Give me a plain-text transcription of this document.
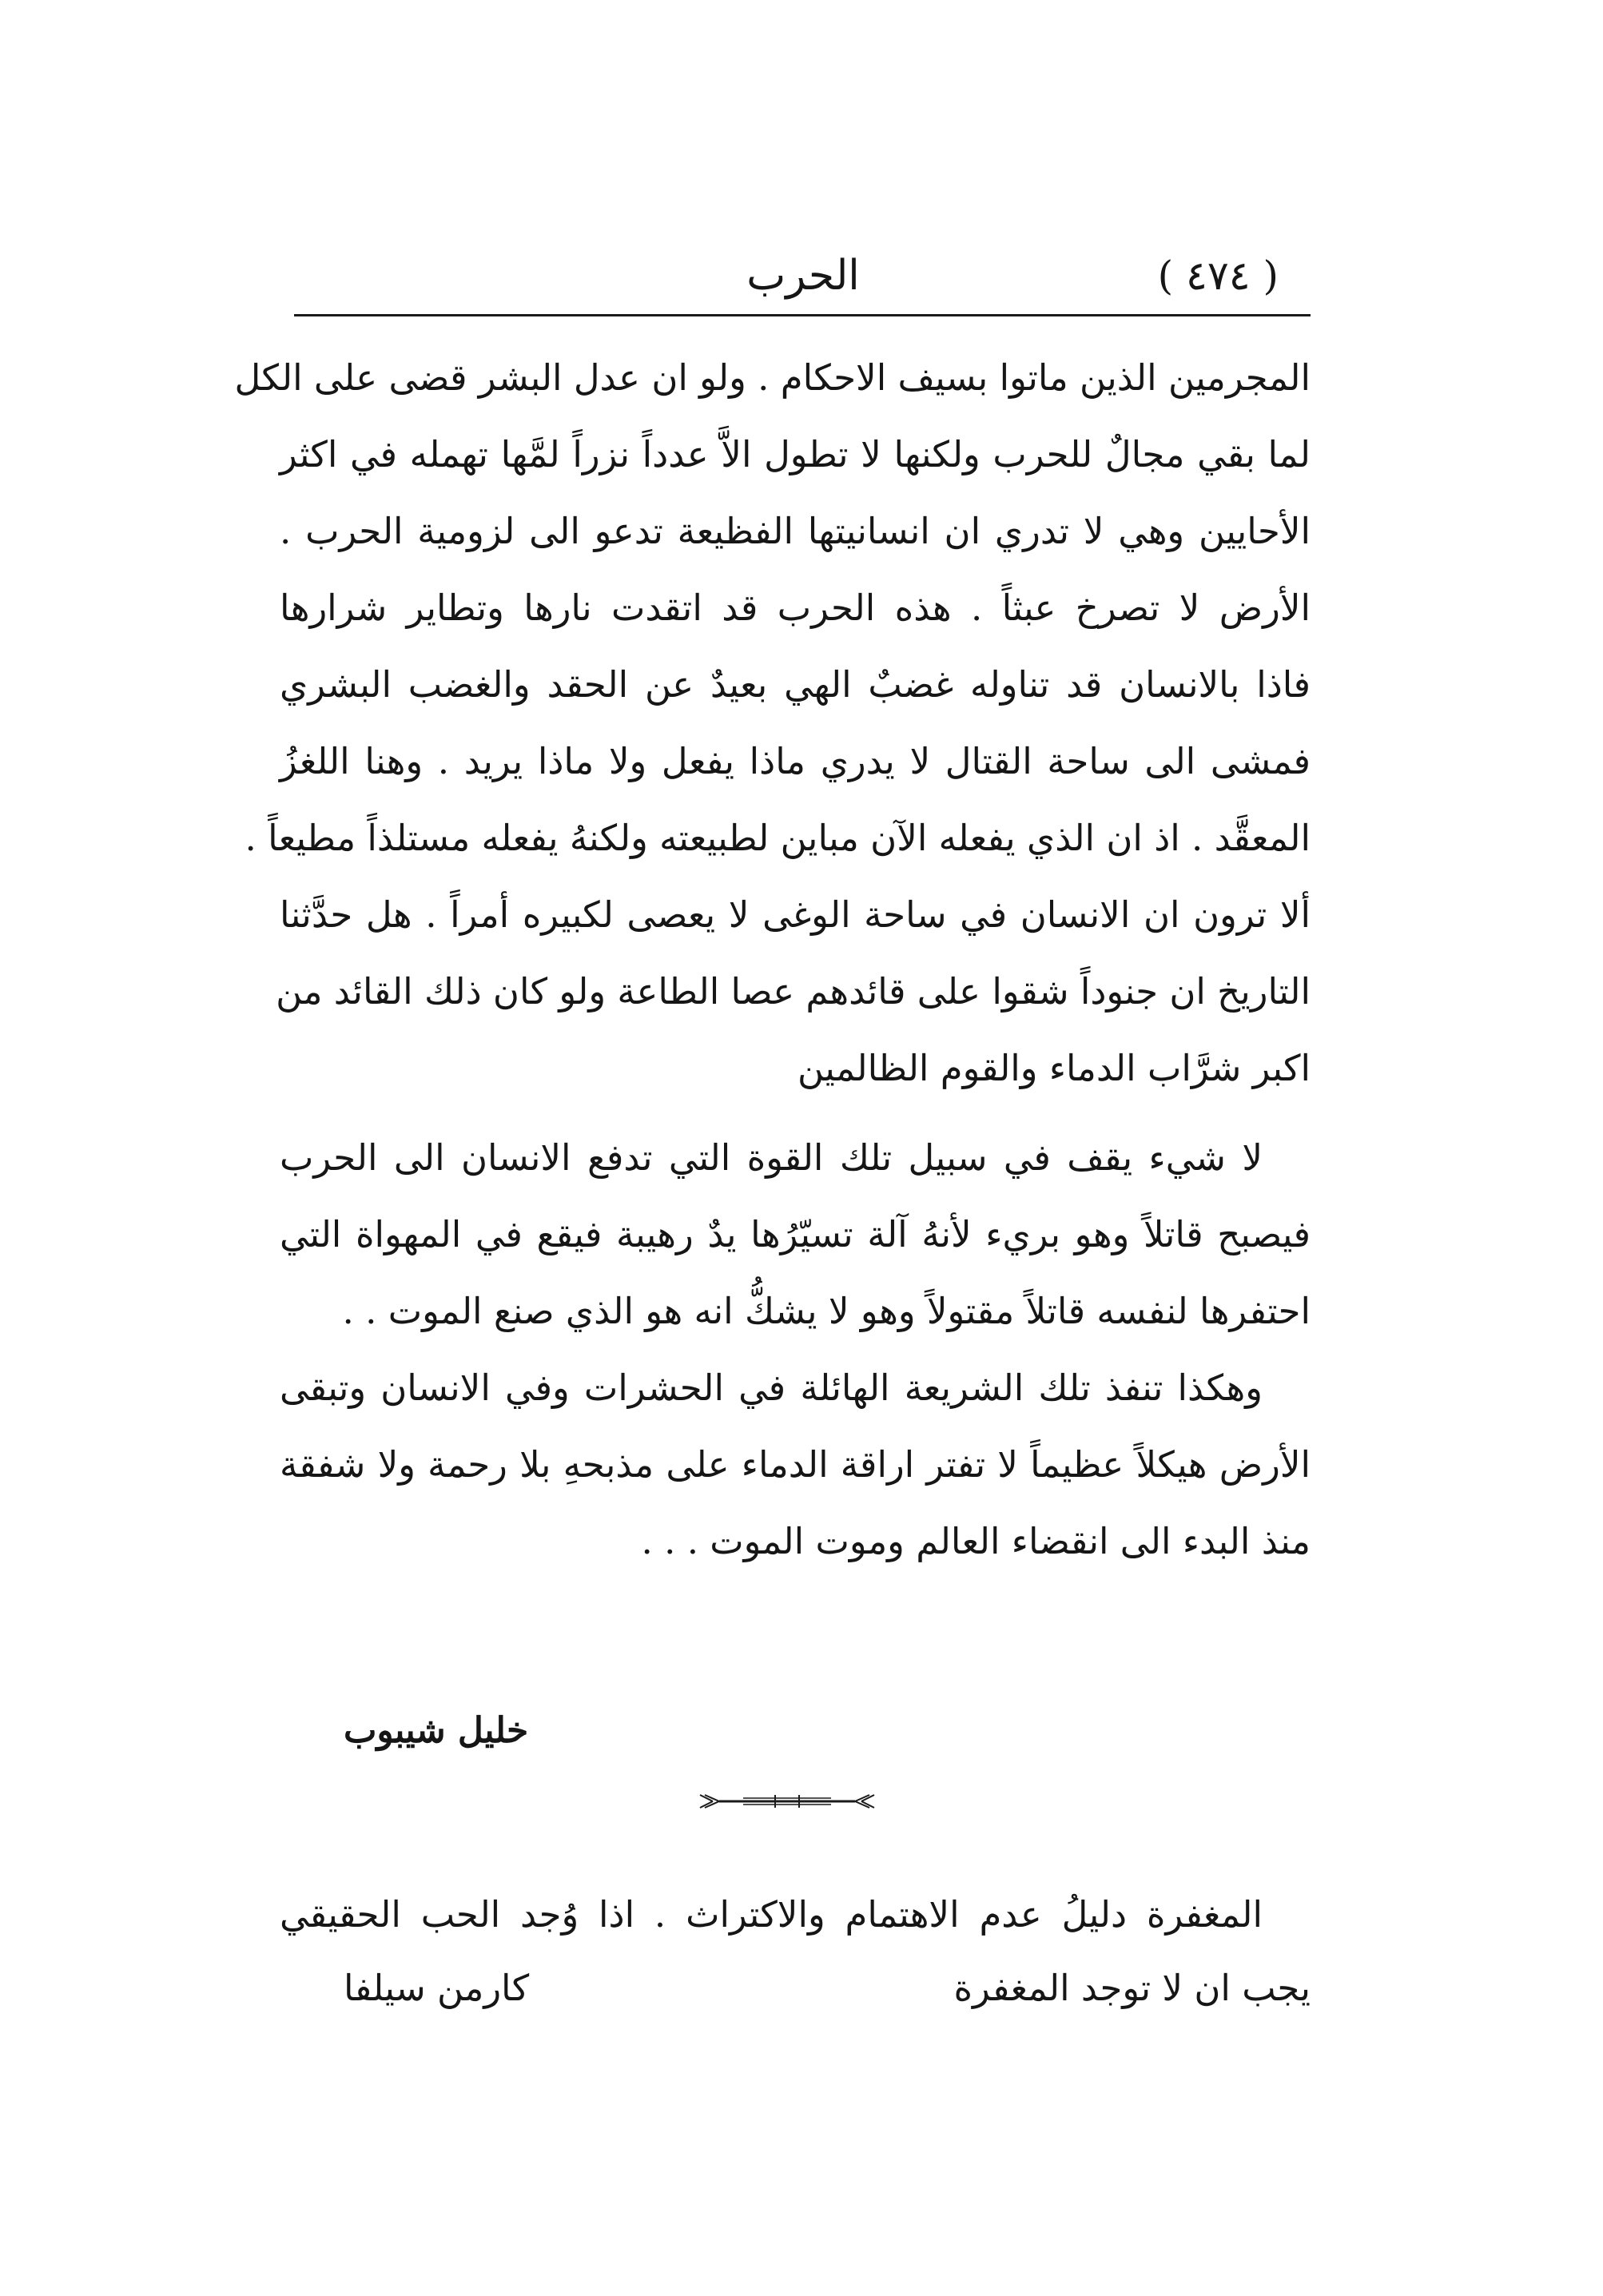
( ٤٧٤ )
الحرب
المجرمين الذين ماتوا بسيف الاحكام . ولو ان عدل البشر قضى على الكل
لما بقي مجالٌ للحرب ولكنها لا تطول الاَّ عدداً نزراً لمَّها تهمله في اكثر
الأحايين وهي لا تدري ان انسانيتها الفظيعة تدعو الى لزومية الحرب .
الأرض لا تصرخ عبثاً . هذه الحرب قد اتقدت نارها وتطاير شرارها
فاذا بالانسان قد تناوله غضبٌ الهي بعيدٌ عن الحقد والغضب البشري
فمشى الى ساحة القتال لا يدري ماذا يفعل ولا ماذا يريد . وهنا اللغزُ
المعقَّد . اذ ان الذي يفعله الآن مباين لطبيعته ولكنهُ يفعله مستلذاً مطيعاً .
ألا ترون ان الانسان في ساحة الوغى لا يعصى لكبيره أمراً . هل حدَّثنا
التاريخ ان جنوداً شقوا على قائدهم عصا الطاعة ولو كان ذلك القائد من
اكبر شرَّاب الدماء والقوم الظالمين
لا شيء يقف في سبيل تلك القوة التي تدفع الانسان الى الحرب
فيصبح قاتلاً وهو بريء لأنهُ آلة تسيّرُها يدٌ رهيبة فيقع في المهواة التي
احتفرها لنفسه قاتلاً مقتولاً وهو لا يشكُّ انه هو الذي صنع الموت . .
وهكذا تنفذ تلك الشريعة الهائلة في الحشرات وفي الانسان وتبقى
الأرض هيكلاً عظيماً لا تفتر اراقة الدماء على مذبحهِ بلا رحمة ولا شفقة
منذ البدء الى انقضاء العالم وموت الموت . . .
خليل شيبوب
المغفرة دليلُ عدم الاهتمام والاكتراث . اذا وُجد الحب الحقيقي
يجب ان لا توجد المغفرة
كارمن سيلفا
